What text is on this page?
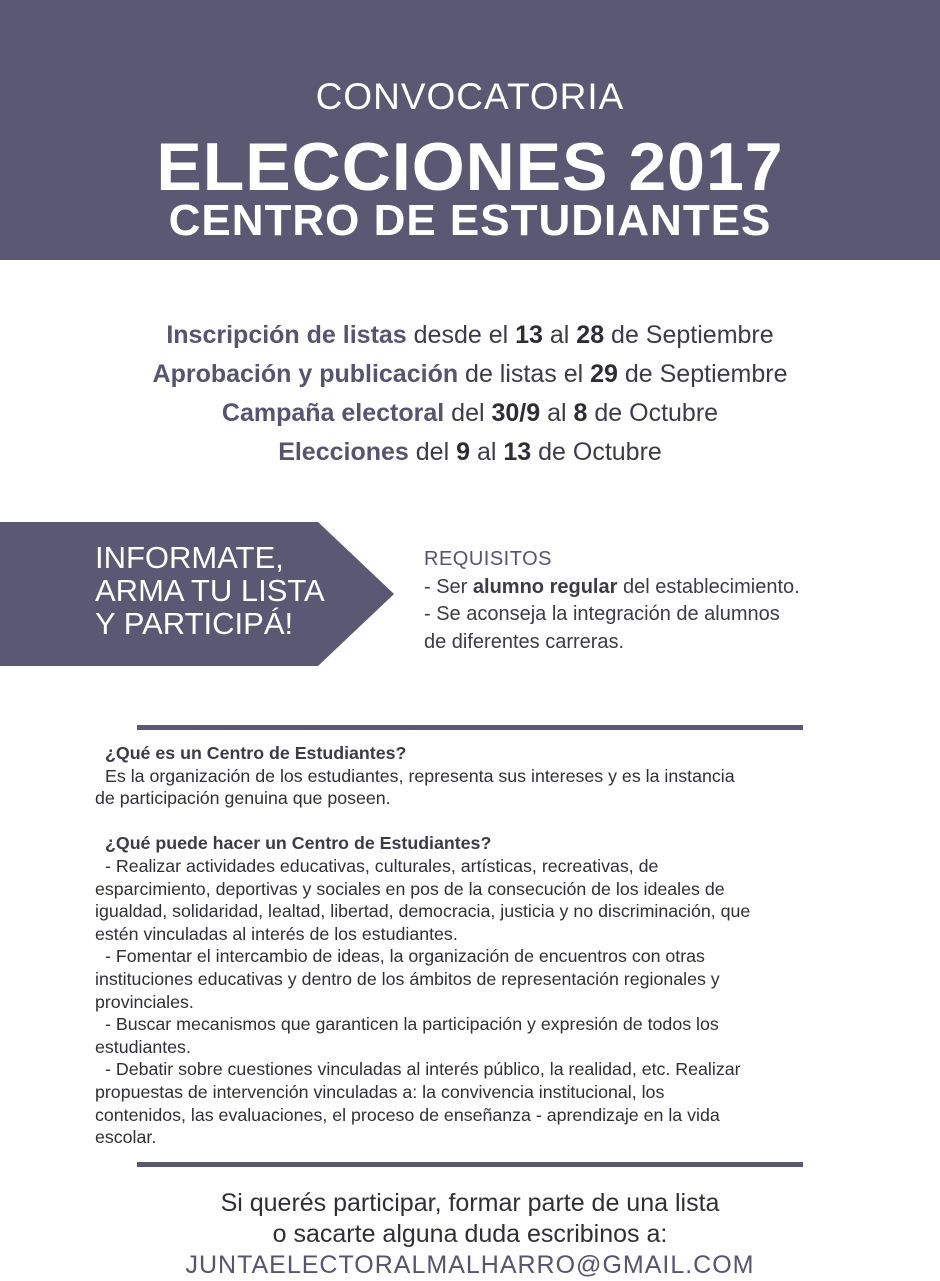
CONVOCATORIA
ELECCIONES 2017
CENTRO DE ESTUDIANTES
Inscripción de listas desde el 13 al 28 de Septiembre
Aprobación y publicación de listas el 29 de Septiembre
Campaña electoral del 30/9 al 8 de Octubre
Elecciones del 9 al 13 de Octubre
INFORMATE,
ARMA TU LISTA
Y PARTICIPÁ!
REQUISITOS
- Ser alumno regular del establecimiento.
- Se aconseja la integración de alumnos
de diferentes carreras.
¿Qué es un Centro de Estudiantes?
Es la organización de los estudiantes, representa sus intereses y es la instancia
de participación genuina que poseen.
¿Qué puede hacer un Centro de Estudiantes?
- Realizar actividades educativas, culturales, artísticas, recreativas, de
esparcimiento, deportivas y sociales en pos de la consecución de los ideales de
igualdad, solidaridad, lealtad, libertad, democracia, justicia y no discriminación, que
estén vinculadas al interés de los estudiantes.
- Fomentar el intercambio de ideas, la organización de encuentros con otras
instituciones educativas y dentro de los ámbitos de representación regionales y
provinciales.
- Buscar mecanismos que garanticen la participación y expresión de todos los
estudiantes.
- Debatir sobre cuestiones vinculadas al interés público, la realidad, etc. Realizar
propuestas de intervención vinculadas a: la convivencia institucional, los
contenidos, las evaluaciones, el proceso de enseñanza - aprendizaje en la vida
escolar.
Si querés participar, formar parte de una lista
o sacarte alguna duda escribinos a:
JUNTAELECTORALMALHARRO@GMAIL.COM
